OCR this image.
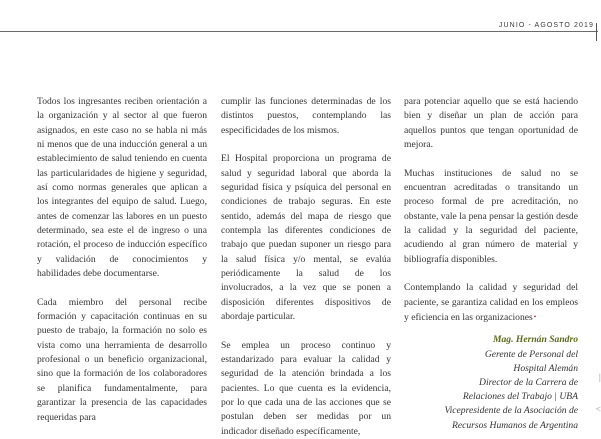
JUNIO - AGOSTO 2019

Todos los ingresantes reciben orientación a la organización y al sector al que fueron asignados, en este caso no se habla ni más ni menos que de una inducción general a un establecimiento de salud teniendo en cuenta las particularidades de higiene y seguridad, así como normas generales que aplican a los integrantes del equipo de salud. Luego, antes de comenzar las labores en un puesto determinado, sea este el de ingreso o una rotación, el proceso de inducción específico y validación de conocimientos y habilidades debe documentarse.

Cada miembro del personal recibe formación y capacitación continuas en su puesto de trabajo, la formación no solo es vista como una herramienta de desarrollo profesional o un beneficio organizacional, sino que la formación de los colaboradores se planifica fundamentalmente, para garantizar la presencia de las capacidades requeridas para

cumplir las funciones determinadas de los distintos puestos, contemplando las especificidades de los mismos.

El Hospital proporciona un programa de salud y seguridad laboral que aborda la seguridad física y psíquica del personal en condiciones de trabajo seguras. En este sentido, además del mapa de riesgo que contempla las diferentes condiciones de trabajo que puedan suponer un riesgo para la salud física y/o mental, se evalúa periódicamente la salud de los involucrados, a la vez que se ponen a disposición diferentes dispositivos de abordaje particular.

Se emplea un proceso continuo y estandarizado para evaluar la calidad y seguridad de la atención brindada a los pacientes. Lo que cuenta es la evidencia, por lo que cada una de las acciones que se postulan deben ser medidas por un indicador diseñado específicamente,

para potenciar aquello que se está haciendo bien y diseñar un plan de acción para aquellos puntos que tengan oportunidad de mejora.

Muchas instituciones de salud no se encuentran acreditadas o transitando un proceso formal de pre acreditación, no obstante, vale la pena pensar la gestión desde la calidad y la seguridad del paciente, acudiendo al gran número de material y bibliografía disponibles.

Contemplando la calidad y seguridad del paciente, se garantiza calidad en los empleos y eficiencia en las organizaciones•

Mag. Hernán Sandro
Gerente de Personal del
Hospital Alemán
Director de la Carrera de
Relaciones del Trabajo | UBA
Vicepresidente de la Asociación de
Recursos Humanos de Argentina
|
<
